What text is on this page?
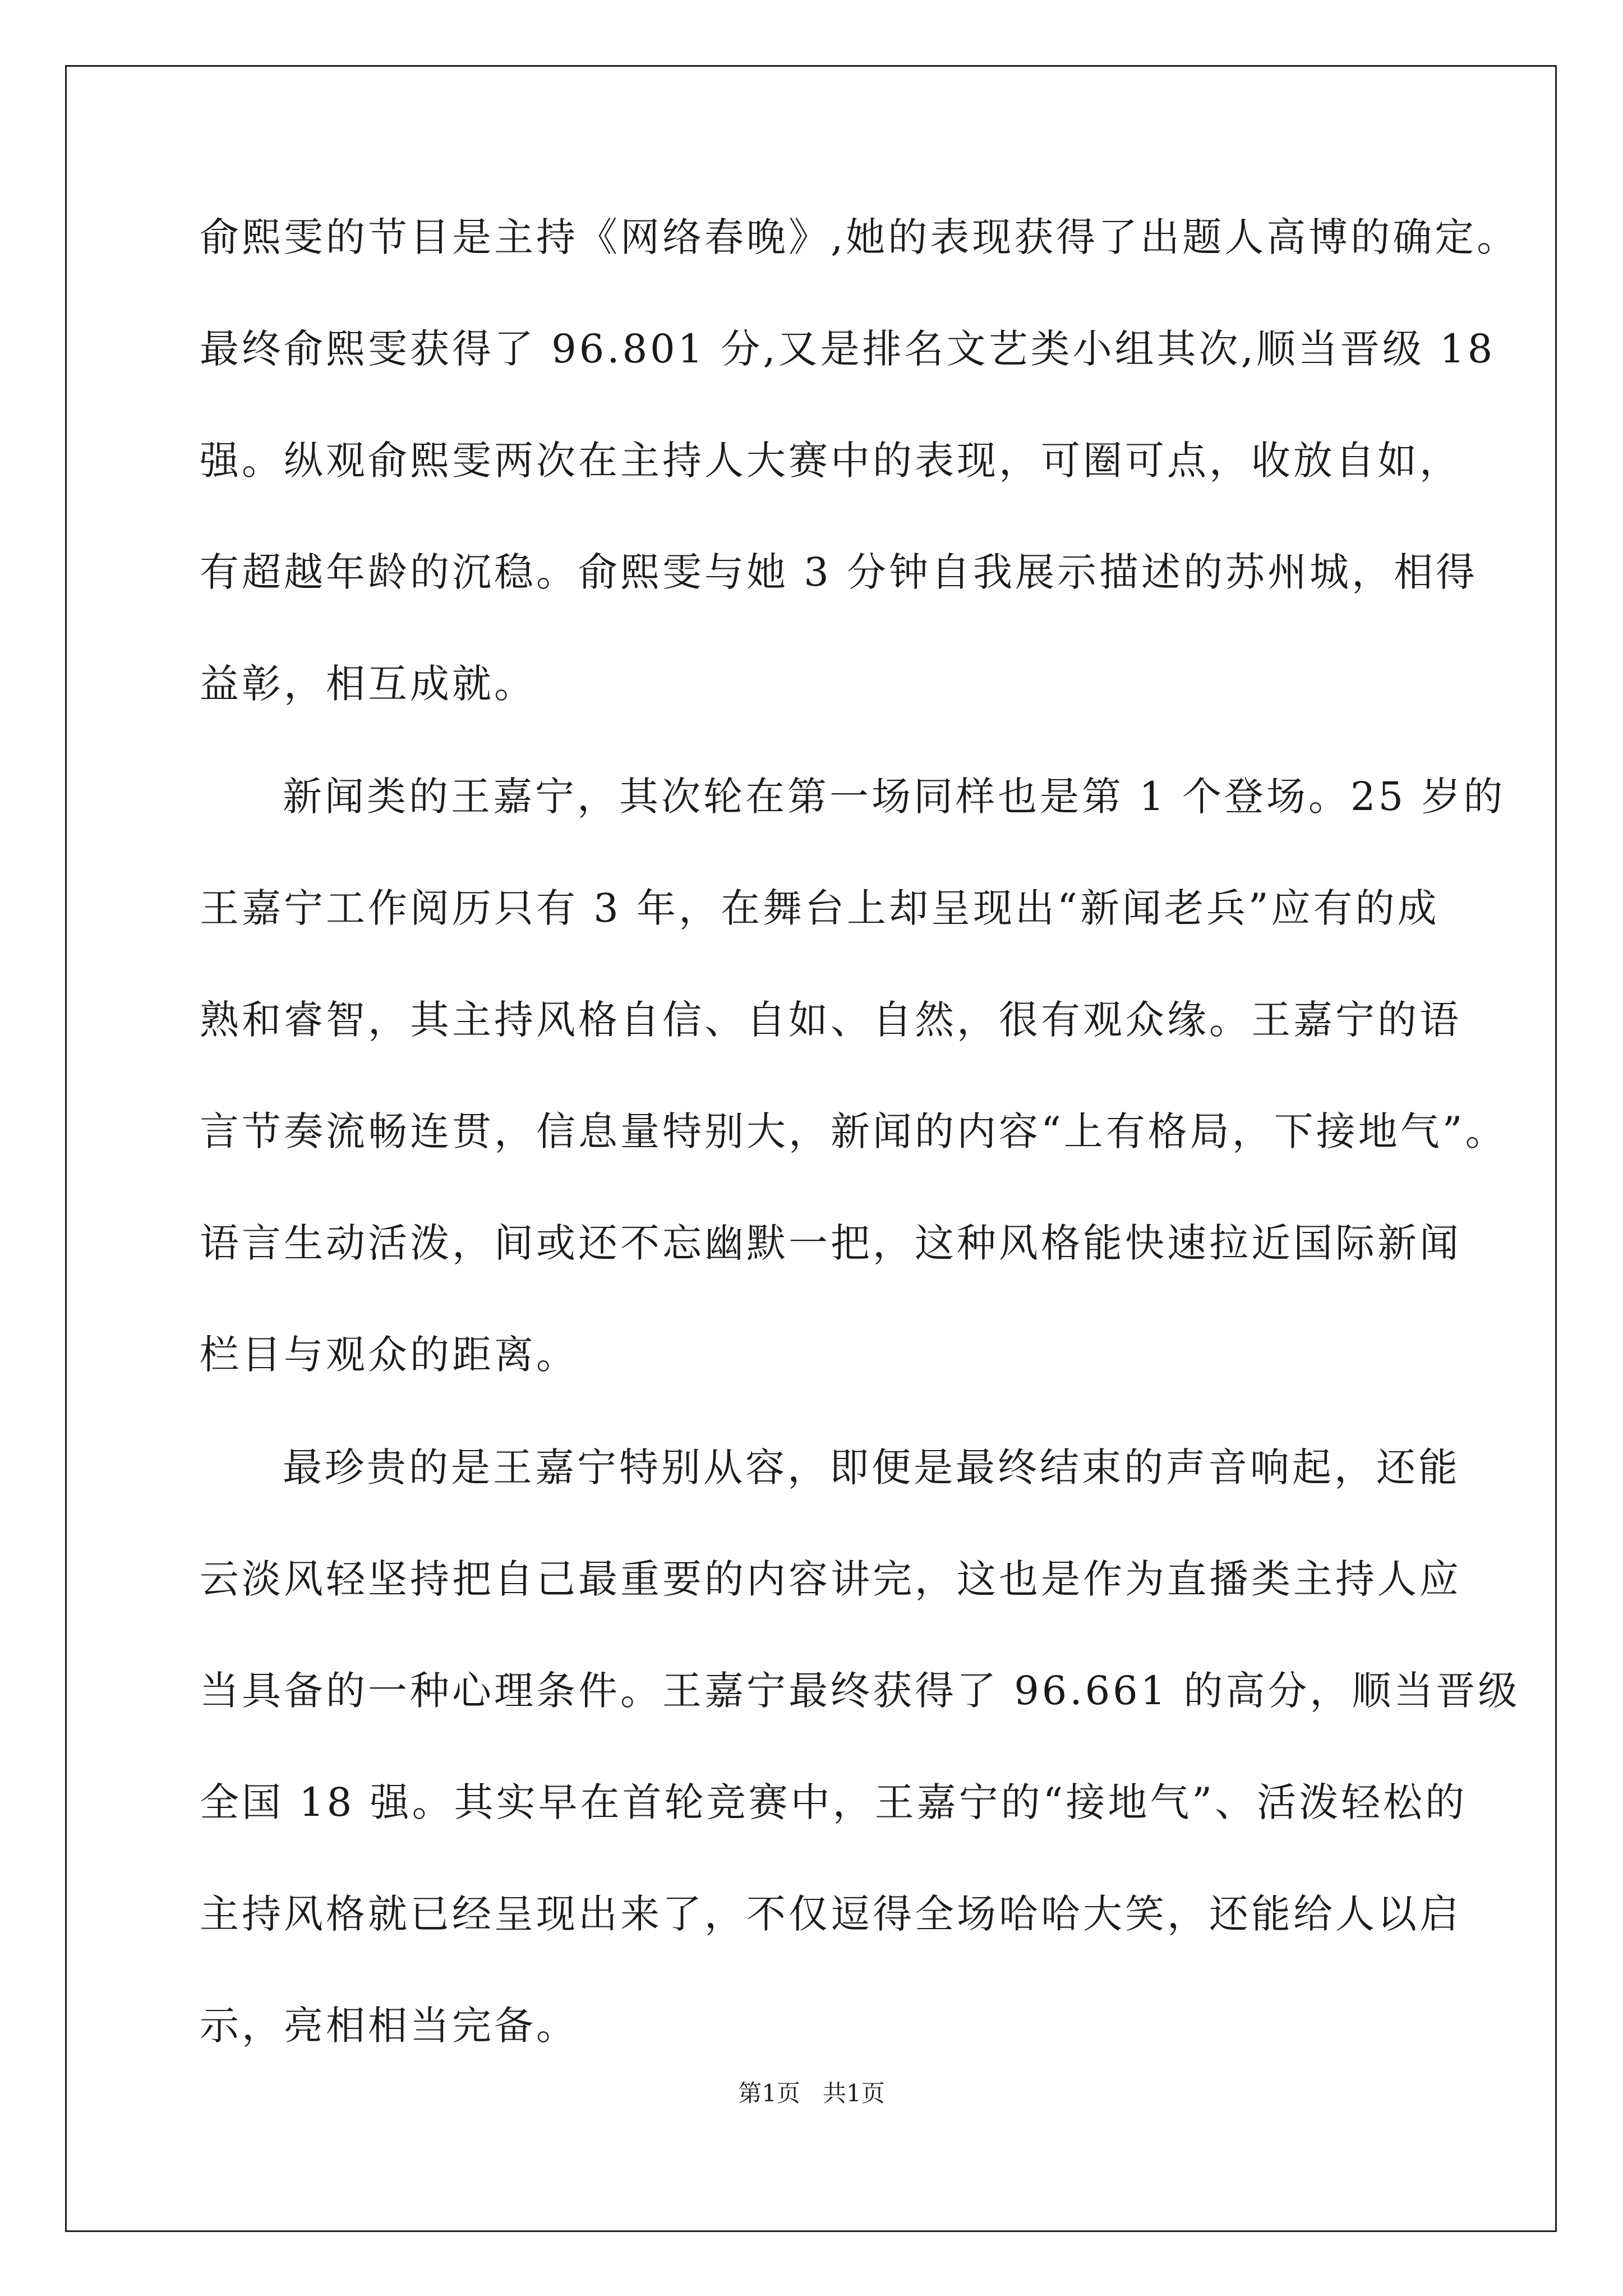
俞熙雯的节目是主持《网络春晚》,她的表现获得了出题人高博的确定。
最终俞熙雯获得了 96.801 分,又是排名文艺类小组其次,顺当晋级 18
强。纵观俞熙雯两次在主持人大赛中的表现，可圈可点，收放自如，
有超越年龄的沉稳。俞熙雯与她 3 分钟自我展示描述的苏州城，相得
益彰，相互成就。
新闻类的王嘉宁，其次轮在第一场同样也是第 1 个登场。25 岁的
王嘉宁工作阅历只有 3 年，在舞台上却呈现出“新闻老兵”应有的成
熟和睿智，其主持风格自信、自如、自然，很有观众缘。王嘉宁的语
言节奏流畅连贯，信息量特别大，新闻的内容“上有格局，下接地气”。
语言生动活泼，间或还不忘幽默一把，这种风格能快速拉近国际新闻
栏目与观众的距离。
最珍贵的是王嘉宁特别从容，即便是最终结束的声音响起，还能
云淡风轻坚持把自己最重要的内容讲完，这也是作为直播类主持人应
当具备的一种心理条件。王嘉宁最终获得了 96.661 的高分，顺当晋级
全国 18 强。其实早在首轮竞赛中，王嘉宁的“接地气”、活泼轻松的
主持风格就已经呈现出来了，不仅逗得全场哈哈大笑，还能给人以启
示，亮相相当完备。
第1页   共1页
